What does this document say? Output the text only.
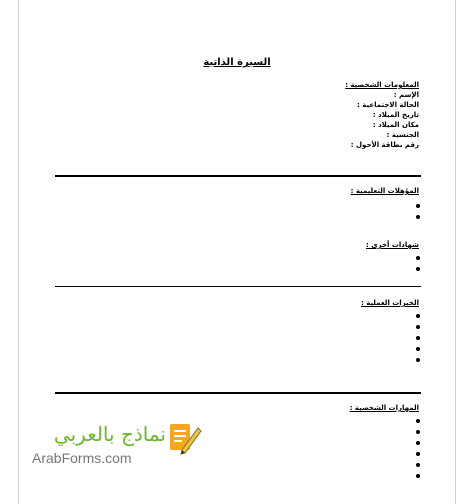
السيرة الذاتية
المعلومات الشخصية :
الإسم :
الحالة الاجتماعية :
تاريخ الميلاد :
مكان الميلاد :
الجنسية :
رقم بطاقة الأحول :
المؤهلات التعليمية :
شهادات أخرى :
الخبرات العملية :
المهارات الشخصية :
نماذج بالعربي
ArabForms.com
